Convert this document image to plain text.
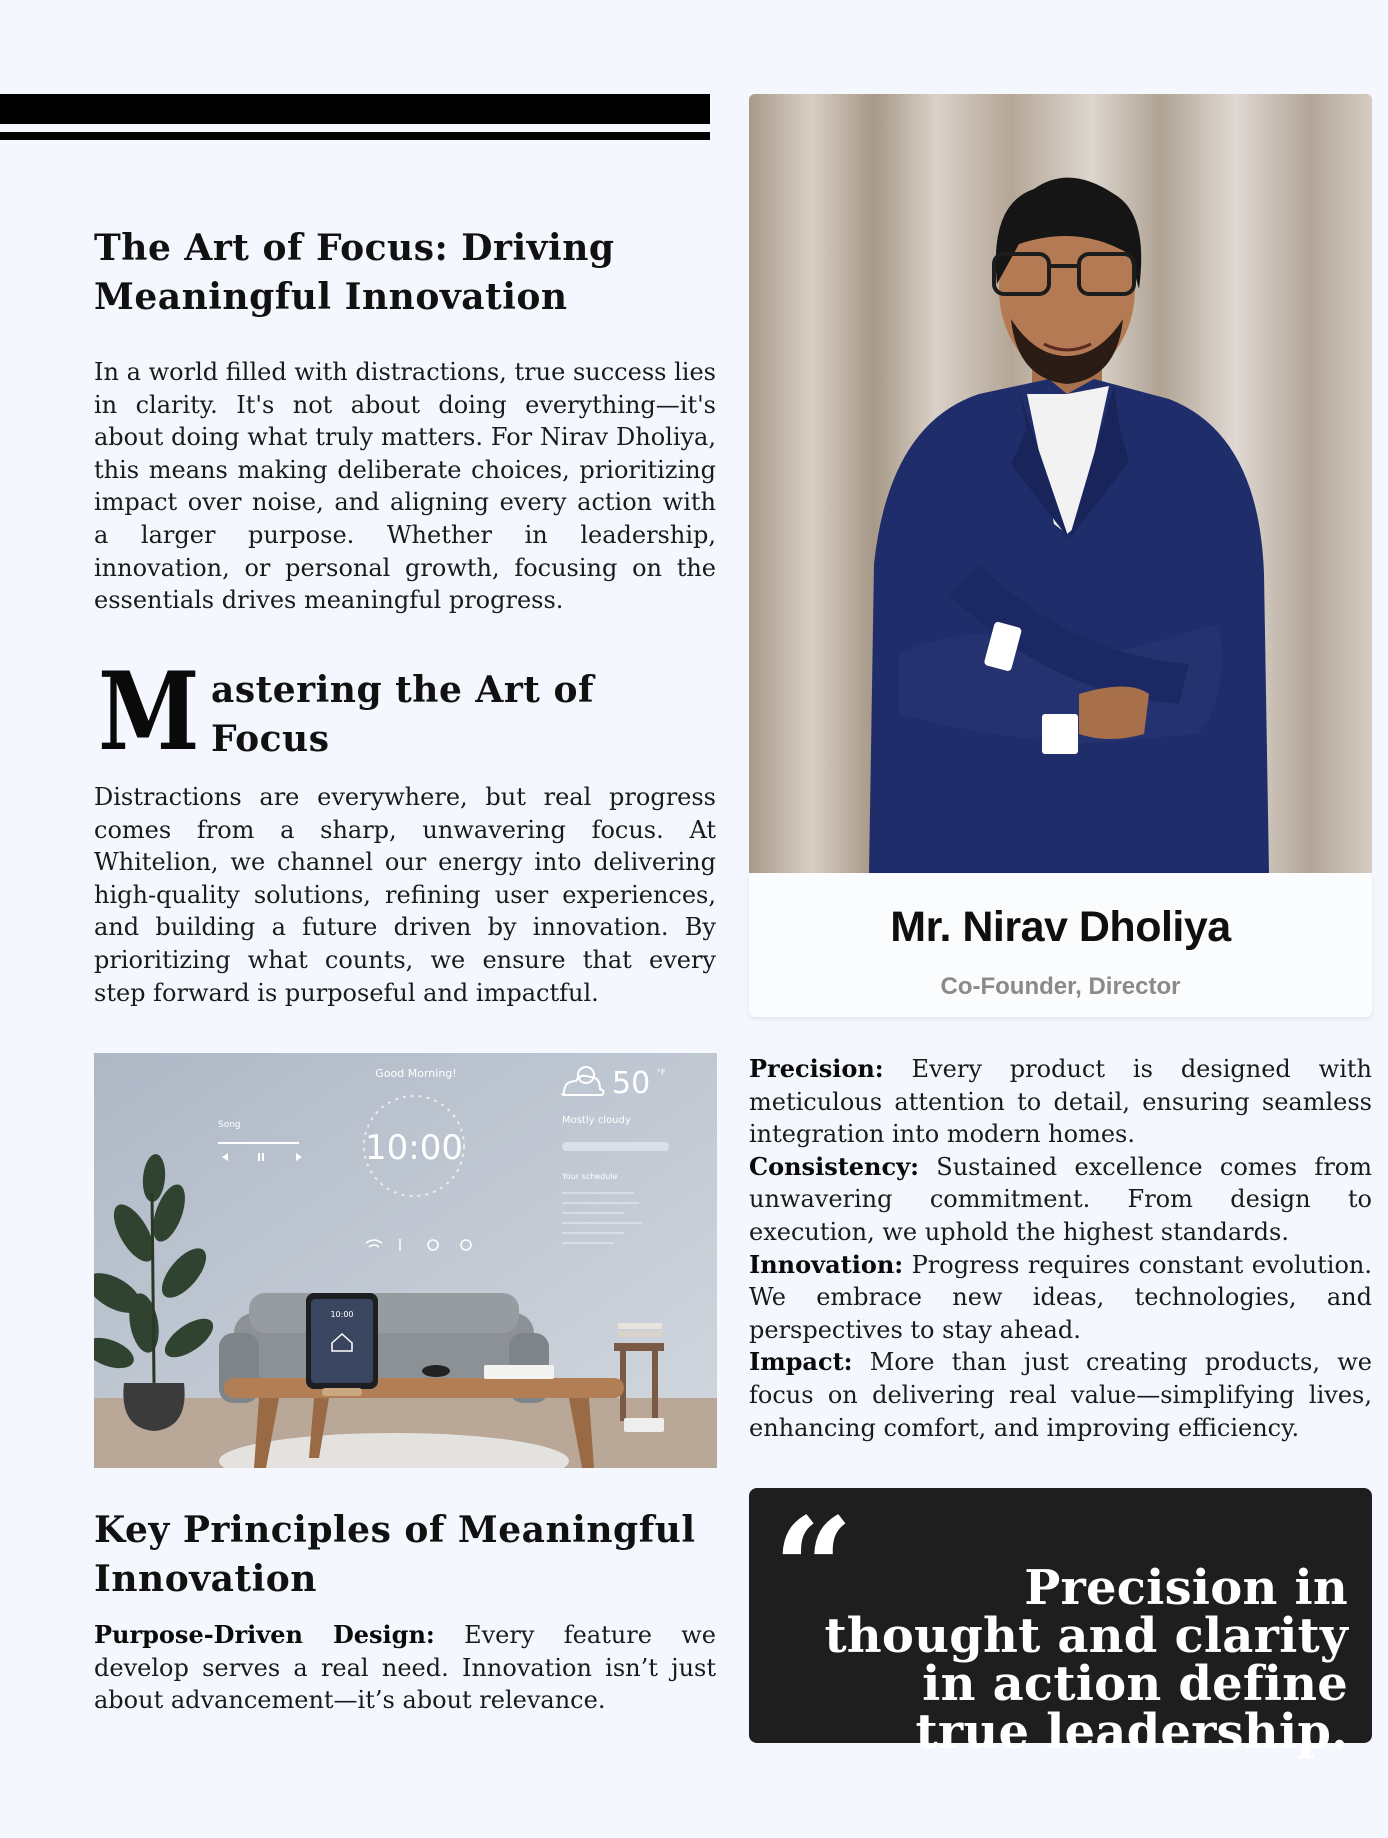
The Art of Focus: Driving Meaningful Innovation

In a world filled with distractions, true success lies in clarity. It's not about doing everything—it's about doing what truly matters. For Nirav Dholiya, this means making deliberate choices, prioritizing impact over noise, and aligning every action with a larger purpose. Whether in leadership, innovation, or personal growth, focusing on the essentials drives meaningful progress.

M astering the Art of Focus

Distractions are everywhere, but real progress comes from a sharp, unwavering focus. At Whitelion, we channel our energy into delivering high-quality solutions, refining user experiences, and building a future driven by innovation. By prioritizing what counts, we ensure that every step forward is purposeful and impactful.

10:00
Good Morning!
10:00
50 °F
Mostly cloudy
Your schedule
Song
Key Principles of Meaningful Innovation

Purpose-Driven Design: Every feature we develop serves a real need. Innovation isn’t just about advancement—it’s about relevance.

Mr. Nirav Dholiya
Co-Founder, Director

Precision: Every product is designed with meticulous attention to detail, ensuring seamless integration into modern homes.

Consistency: Sustained excellence comes from unwavering commitment. From design to execution, we uphold the highest standards.

Innovation: Progress requires constant evolution. We embrace new ideas, technologies, and perspectives to stay ahead.

Impact: More than just creating products, we focus on delivering real value—simplifying lives, enhancing comfort, and improving efficiency.

“	Precision in thought and clarity in action define true leadership.
